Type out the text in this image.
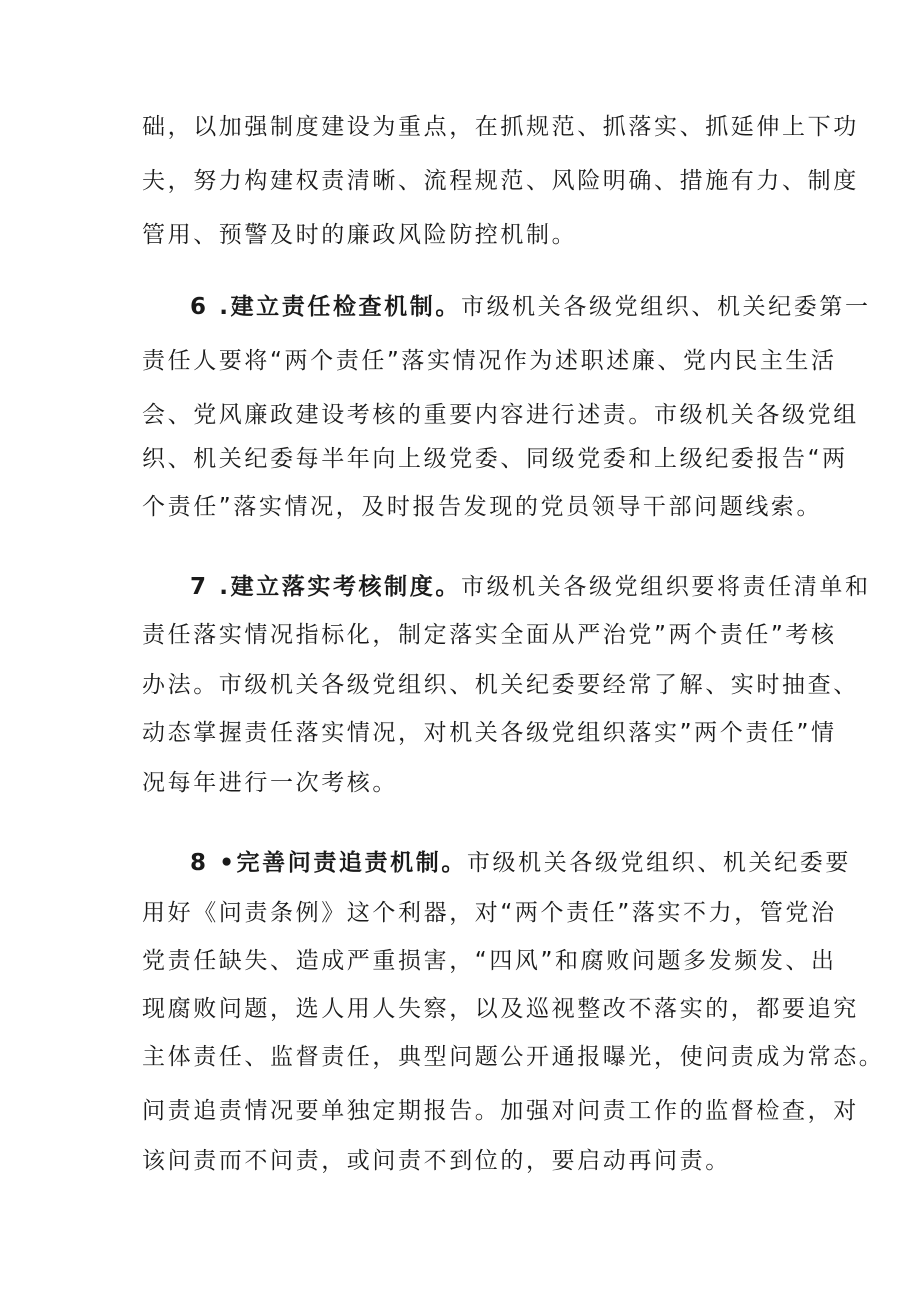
础，以加强制度建设为重点，在抓规范、抓落实、抓延伸上下功
夫，努力构建权责清晰、流程规范、风险明确、措施有力、制度
管用、预警及时的廉政风险防控机制。
6 .建立责任检查机制。市级机关各级党组织、机关纪委第一
责任人要将“两个责任”落实情况作为述职述廉、党内民主生活
会、党风廉政建设考核的重要内容进行述责。市级机关各级党组
织、机关纪委每半年向上级党委、同级党委和上级纪委报告“两
个责任”落实情况，及时报告发现的党员领导干部问题线索。
7 .建立落实考核制度。市级机关各级党组织要将责任清单和
责任落实情况指标化，制定落实全面从严治党”两个责任”考核
办法。市级机关各级党组织、机关纪委要经常了解、实时抽查、
动态掌握责任落实情况，对机关各级党组织落实”两个责任”情
况每年进行一次考核。
8 •完善问责追责机制。市级机关各级党组织、机关纪委要
用好《问责条例》这个利器，对“两个责任”落实不力，管党治
党责任缺失、造成严重损害，“四风”和腐败问题多发频发、出
现腐败问题，选人用人失察，以及巡视整改不落实的，都要追究
主体责任、监督责任，典型问题公开通报曝光，使问责成为常态。
问责追责情况要单独定期报告。加强对问责工作的监督检查，对
该问责而不问责，或问责不到位的，要启动再问责。
